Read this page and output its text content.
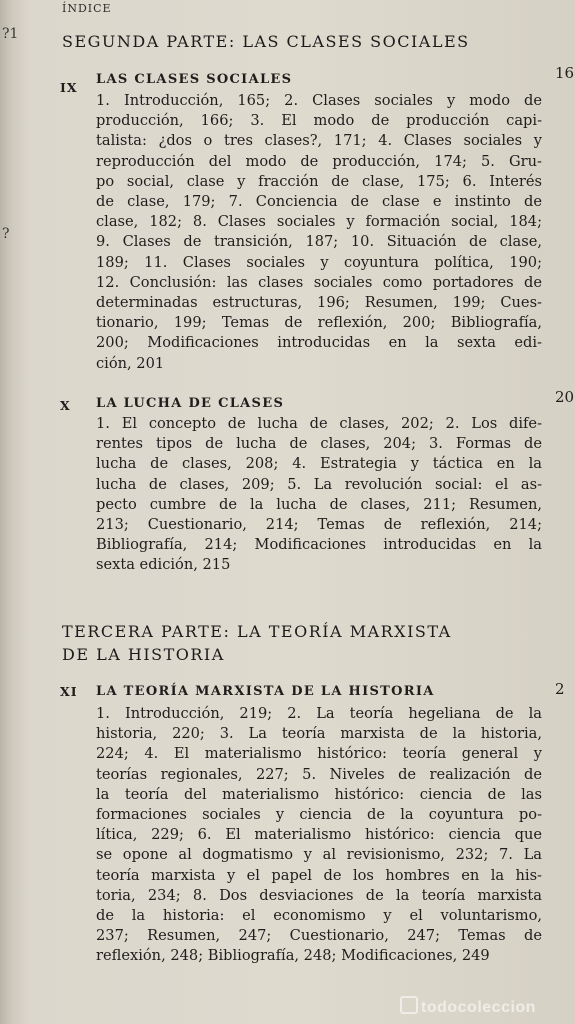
ÍNDICE
?1
?
SEGUNDA PARTE: LAS CLASES SOCIALES
IX
LAS CLASES SOCIALES	16
1. Introducción, 165; 2. Clases sociales y modo de
producción, 166; 3. El modo de producción capi-
talista: ¿dos o tres clases?, 171; 4. Clases sociales y
reproducción del modo de producción, 174; 5. Gru-
po social, clase y fracción de clase, 175; 6. Interés
de clase, 179; 7. Conciencia de clase e instinto de
clase, 182; 8. Clases sociales y formación social, 184;
9. Clases de transición, 187; 10. Situación de clase,
189; 11. Clases sociales y coyuntura política, 190;
12. Conclusión: las clases sociales como portadores de
determinadas estructuras, 196; Resumen, 199; Cues-
tionario, 199; Temas de reflexión, 200; Bibliografía,
200; Modificaciones introducidas en la sexta edi-
ción, 201
X LA LUCHA DE CLASES	20
1. El concepto de lucha de clases, 202; 2. Los dife-
rentes tipos de lucha de clases, 204; 3. Formas de
lucha de clases, 208; 4. Estrategia y táctica en la
lucha de clases, 209; 5. La revolución social: el as-
pecto cumbre de la lucha de clases, 211; Resumen,
213; Cuestionario, 214; Temas de reflexión, 214;
Bibliografía, 214; Modificaciones introducidas en la
sexta edición, 215
TERCERA PARTE: LA TEORÍA MARXISTA
DE LA HISTORIA
XI LA TEORÍA MARXISTA DE LA HISTORIA	2
1. Introducción, 219; 2. La teoría hegeliana de la
historia, 220; 3. La teoría marxista de la historia,
224; 4. El materialismo histórico: teoría general y
teorías regionales, 227; 5. Niveles de realización de
la teoría del materialismo histórico: ciencia de las
formaciones sociales y ciencia de la coyuntura po-
lítica, 229; 6. El materialismo histórico: ciencia que
se opone al dogmatismo y al revisionismo, 232; 7. La
teoría marxista y el papel de los hombres en la his-
toria, 234; 8. Dos desviaciones de la teoría marxista
de la historia: el economismo y el voluntarismo,
237; Resumen, 247; Cuestionario, 247; Temas de
reflexión, 248; Bibliografía, 248; Modificaciones, 249
todocoleccion
